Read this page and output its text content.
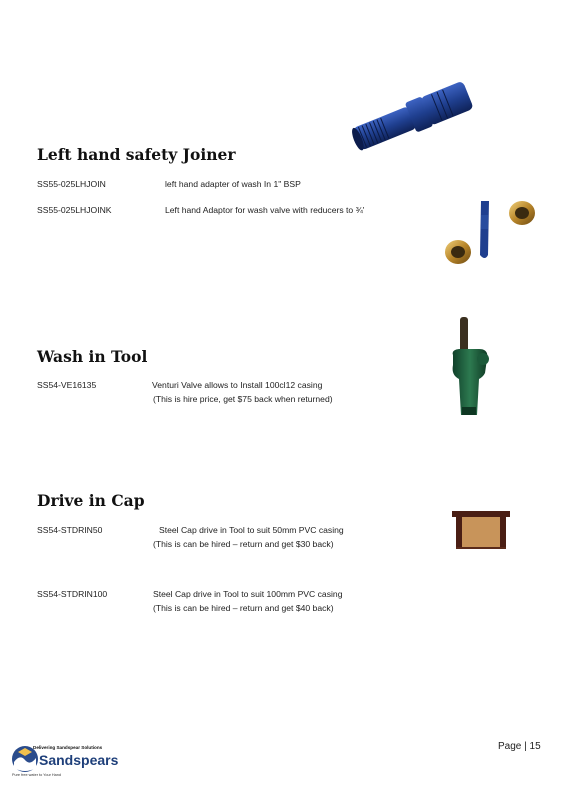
Left hand safety Joiner
SS55-025LHJOIN	left hand adapter of wash In 1" BSP
SS55-025LHJOINK	Left hand Adaptor for wash valve with reducers to ¾'
Wash in Tool
SS54-VE16135	Venturi Valve allows to Install 100cl12 casing
(This is hire price, get $75 back when returned)
Drive in Cap
SS54-STDRIN50	Steel Cap drive in Tool to suit 50mm PVC casing
(This is can be hired – return and get $30 back)
SS54-STDRIN100	Steel Cap drive in Tool to suit 100mm PVC casing
(This is can be hired – return and get $40 back)
Page | 15
Delivering Sandspear Solutions
Sandspears
Pure free water to Your Hand
